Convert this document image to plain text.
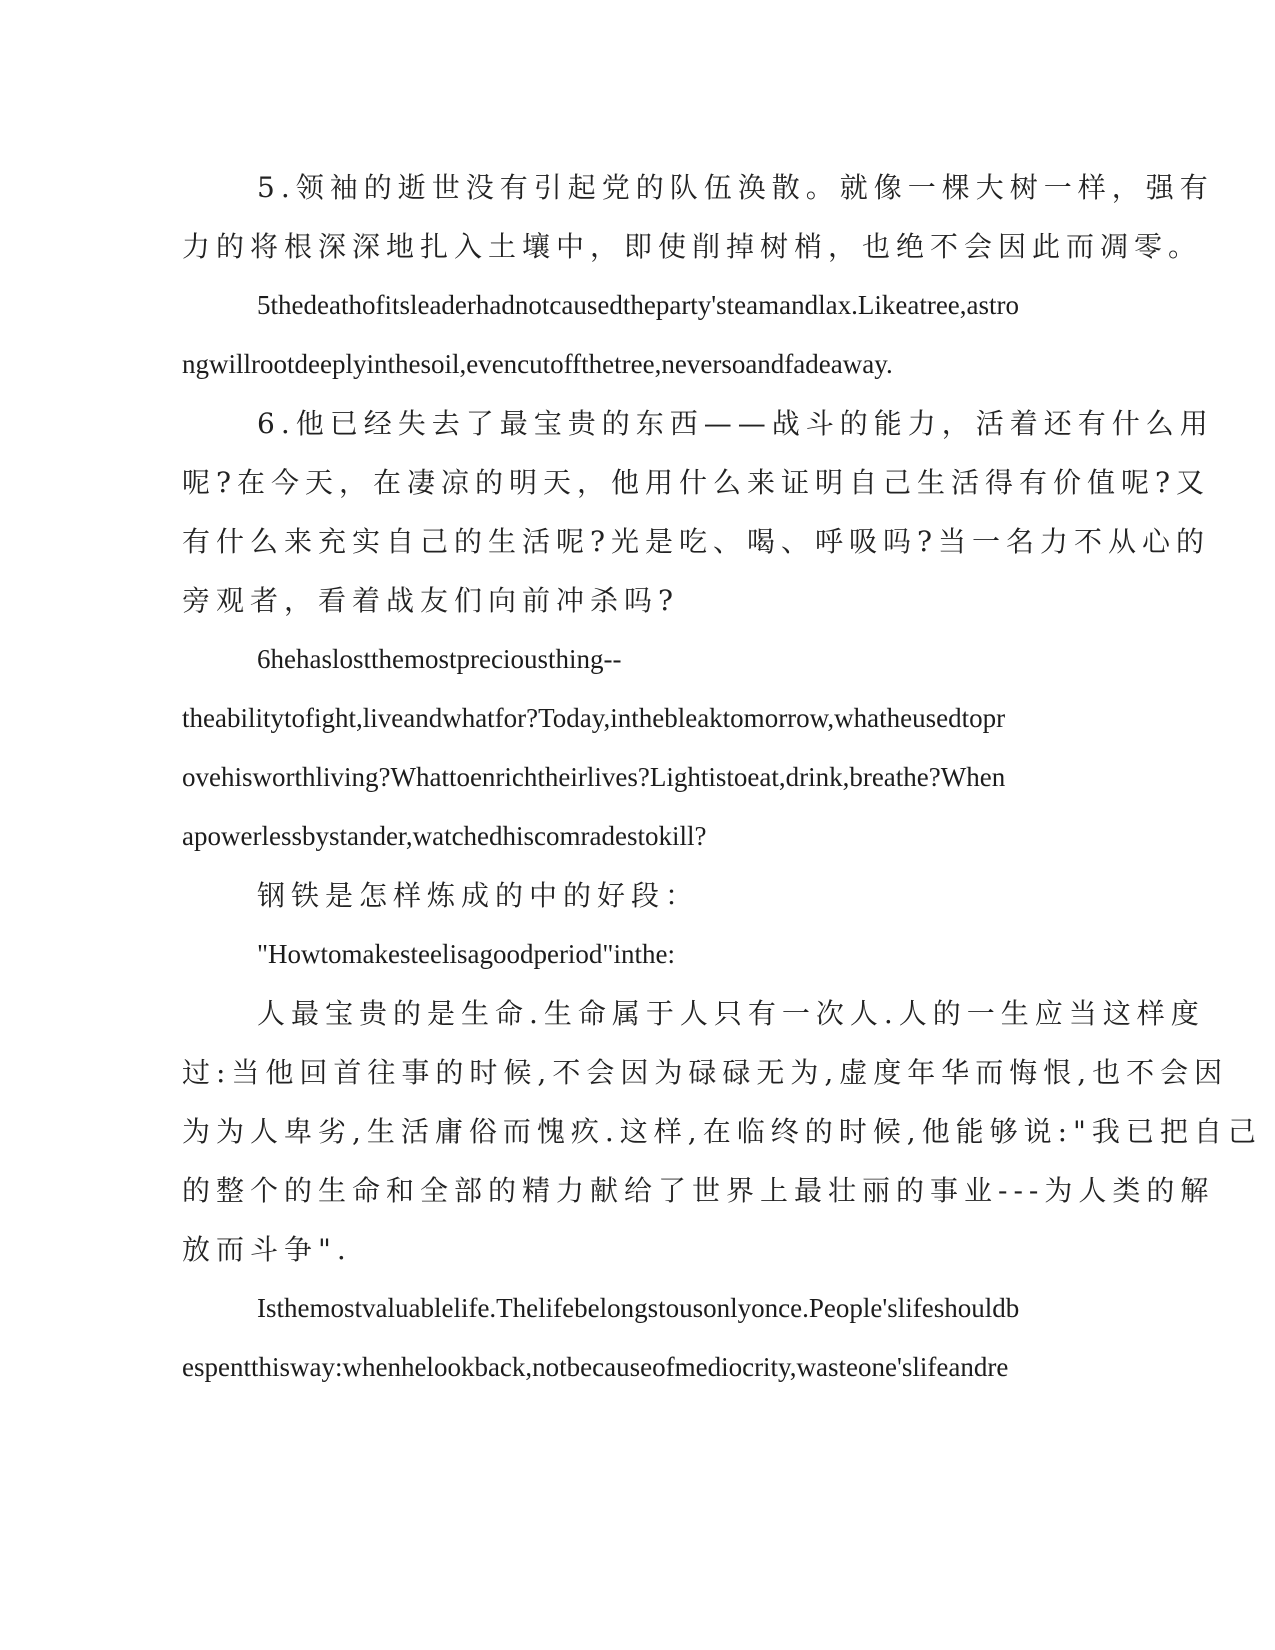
5.领袖的逝世没有引起党的队伍涣散。就像一棵大树一样，强有
力的将根深深地扎入土壤中，即使削掉树梢，也绝不会因此而凋零。
5thedeathofitsleaderhadnotcausedtheparty'steamandlax.Likeatree,astro
ngwillrootdeeplyinthesoil,evencutoffthetree,neversoandfadeaway.
6.他已经失去了最宝贵的东西——战斗的能力，活着还有什么用
呢?在今天，在凄凉的明天，他用什么来证明自己生活得有价值呢?又
有什么来充实自己的生活呢?光是吃、喝、呼吸吗?当一名力不从心的
旁观者，看着战友们向前冲杀吗?
6hehaslostthemostpreciousthing--
theabilitytofight,liveandwhatfor?Today,inthebleaktomorrow,whatheusedtopr
ovehisworthliving?Whattoenrichtheirlives?Lightistoeat,drink,breathe?When
apowerlessbystander,watchedhiscomradestokill?
钢铁是怎样炼成的中的好段：
"Howtomakesteelisagoodperiod"inthe:
人最宝贵的是生命.生命属于人只有一次人.人的一生应当这样度
过:当他回首往事的时候,不会因为碌碌无为,虚度年华而悔恨,也不会因
为为人卑劣,生活庸俗而愧疚.这样,在临终的时候,他能够说:"我已把自己
的整个的生命和全部的精力献给了世界上最壮丽的事业---为人类的解
放而斗争".
Isthemostvaluablelife.Thelifebelongstousonlyonce.People'slifeshouldb
espentthisway:whenhelookback,notbecauseofmediocrity,wasteone'slifeandre
